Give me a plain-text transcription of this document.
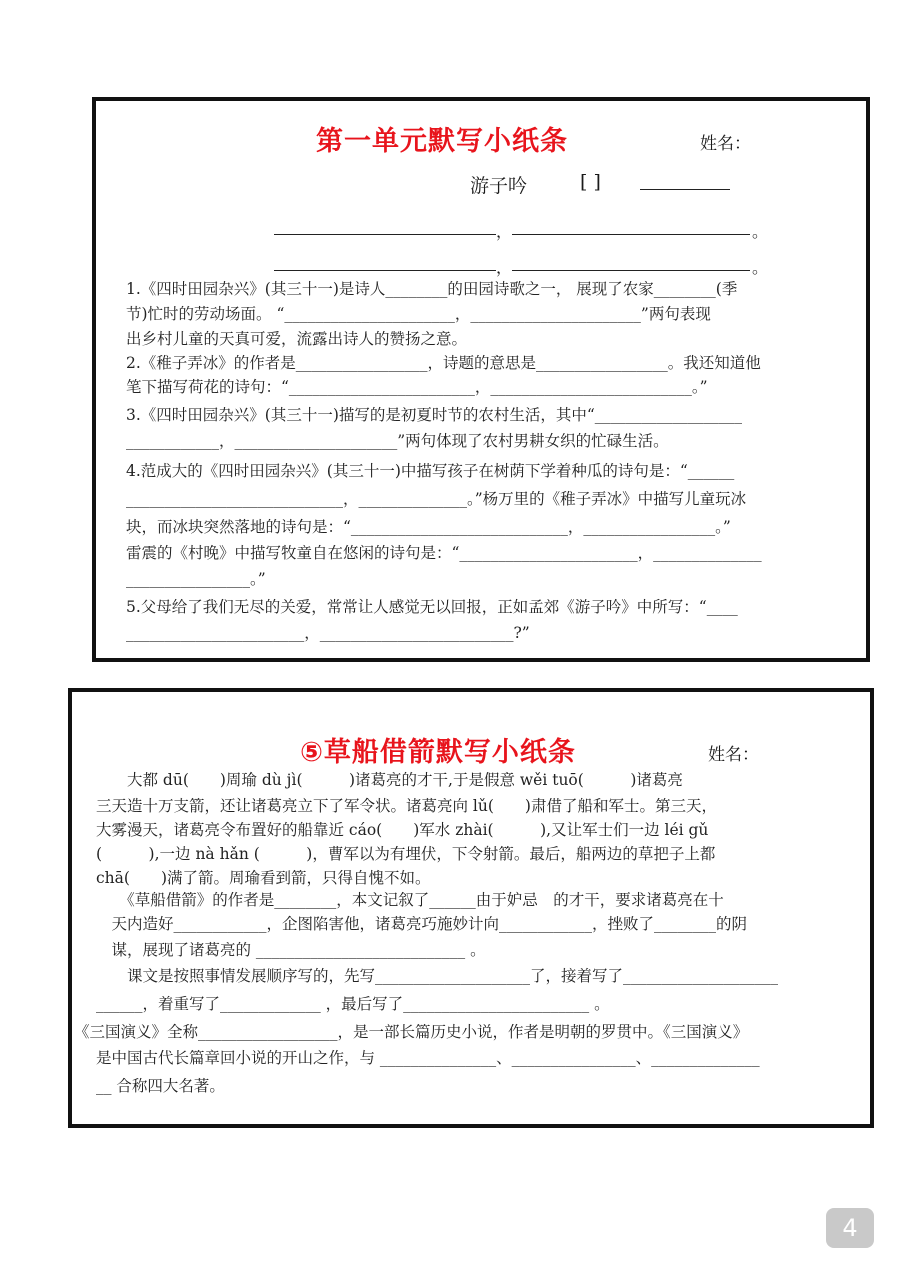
第一单元默写小纸条	姓名：
游子吟	[ ]
，	。
，	。
1.《四时田园杂兴》(其三十一)是诗人________的田园诗歌之一， 展现了农家________(季
节)忙时的劳动场面。 “______________________，______________________”两句表现
出乡村儿童的天真可爱，流露出诗人的赞扬之意。
2.《稚子弄冰》的作者是_________________，诗题的意思是_________________。我还知道他
笔下描写荷花的诗句：“________________________，__________________________。”
3.《四时田园杂兴》(其三十一)描写的是初夏时节的农村生活，其中“___________________
____________，_____________________”两句体现了农村男耕女织的忙碌生活。
4.范成大的《四时田园杂兴》(其三十一)中描写孩子在树荫下学着种瓜的诗句是：“______
____________________________，______________。”杨万里的《稚子弄冰》中描写儿童玩冰
块，而冰块突然落地的诗句是：“____________________________，_________________。”
雷震的《村晚》中描写牧童自在悠闲的诗句是：“_______________________，______________
________________。”
5.父母给了我们无尽的关爱，常常让人感觉无以回报，正如孟郊《游子吟》中所写：“____
_______________________，_________________________?”
⑤草船借箭默写小纸条	姓名：
　　大都 dū(　　)周瑜 dù jì(　　　)诸葛亮的才干,于是假意 wěi tuō(　　　)诸葛亮
三天造十万支箭，还让诸葛亮立下了军令状。诸葛亮向 lǔ(　　)肃借了船和军士。第三天，
大雾漫天，诸葛亮令布置好的船靠近 cáo(　　)军水 zhài(　　　),又让军士们一边 léi gǔ
(　　　),一边 nà hǎn (　　　)，曹军以为有埋伏，下令射箭。最后，船两边的草把子上都
chā(　　)满了箭。周瑜看到箭，只得自愧不如。
　　《草船借箭》的作者是________，本文记叙了______由于妒忌　的才干，要求诸葛亮在十
　天内造好____________，企图陷害他，诸葛亮巧施妙计向____________，挫败了________的阴
　谋，展现了诸葛亮的 ___________________________ 。
　　课文是按照事情发展顺序写的，先写____________________了，接着写了____________________
______，着重写了_____________ ，最后写了________________________ 。
《三国演义》全称__________________，是一部长篇历史小说，作者是明朝的罗贯中。《三国演义》
是中国古代长篇章回小说的开山之作，与 _______________、________________、______________
__ 合称四大名著。
4
